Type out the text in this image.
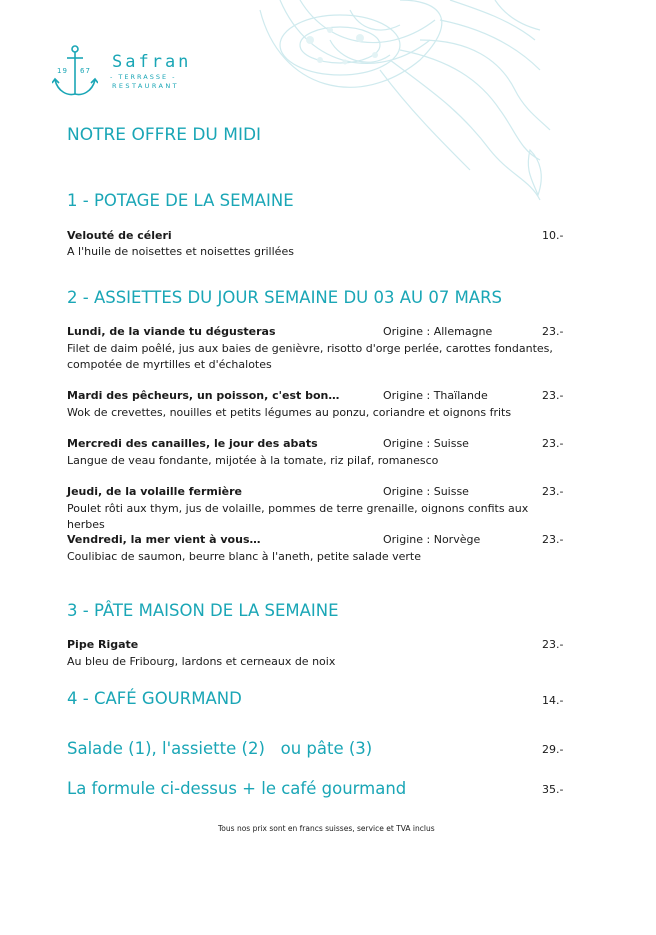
19 67 Safran
- TERRASSE -
RESTAURANT
NOTRE OFFRE DU MIDI
1 - POTAGE DE LA SEMAINE
Velouté de céleri	10.-
A l'huile de noisettes et noisettes grillées
2 - ASSIETTES DU JOUR SEMAINE DU 03 AU 07 MARS
Lundi, de la viande tu dégusteras	Origine : Allemagne	23.-
Filet de daim poêlé, jus aux baies de genièvre, risotto d'orge perlée, carottes fondantes, compotée de myrtilles et d'échalotes
Mardi des pêcheurs, un poisson, c'est bon…	Origine : Thaïlande	23.-
Wok de crevettes, nouilles et petits légumes au ponzu, coriandre et oignons frits
Mercredi des canailles, le jour des abats	Origine : Suisse	23.-
Langue de veau fondante, mijotée à la tomate, riz pilaf, romanesco
Jeudi, de la volaille fermière	Origine : Suisse	23.-
Poulet rôti aux thym, jus de volaille, pommes de terre grenaille, oignons confits aux herbes
Vendredi, la mer vient à vous…	Origine : Norvège	23.-
Coulibiac de saumon, beurre blanc à l'aneth, petite salade verte
3 - PÂTE MAISON DE LA SEMAINE
Pipe Rigate	23.-
Au bleu de Fribourg, lardons et cerneaux de noix
4 - CAFÉ GOURMAND	14.-
Salade (1), l'assiette (2)   ou pâte (3)	29.-
La formule ci-dessus + le café gourmand	35.-
Tous nos prix sont en francs suisses, service et TVA inclus
